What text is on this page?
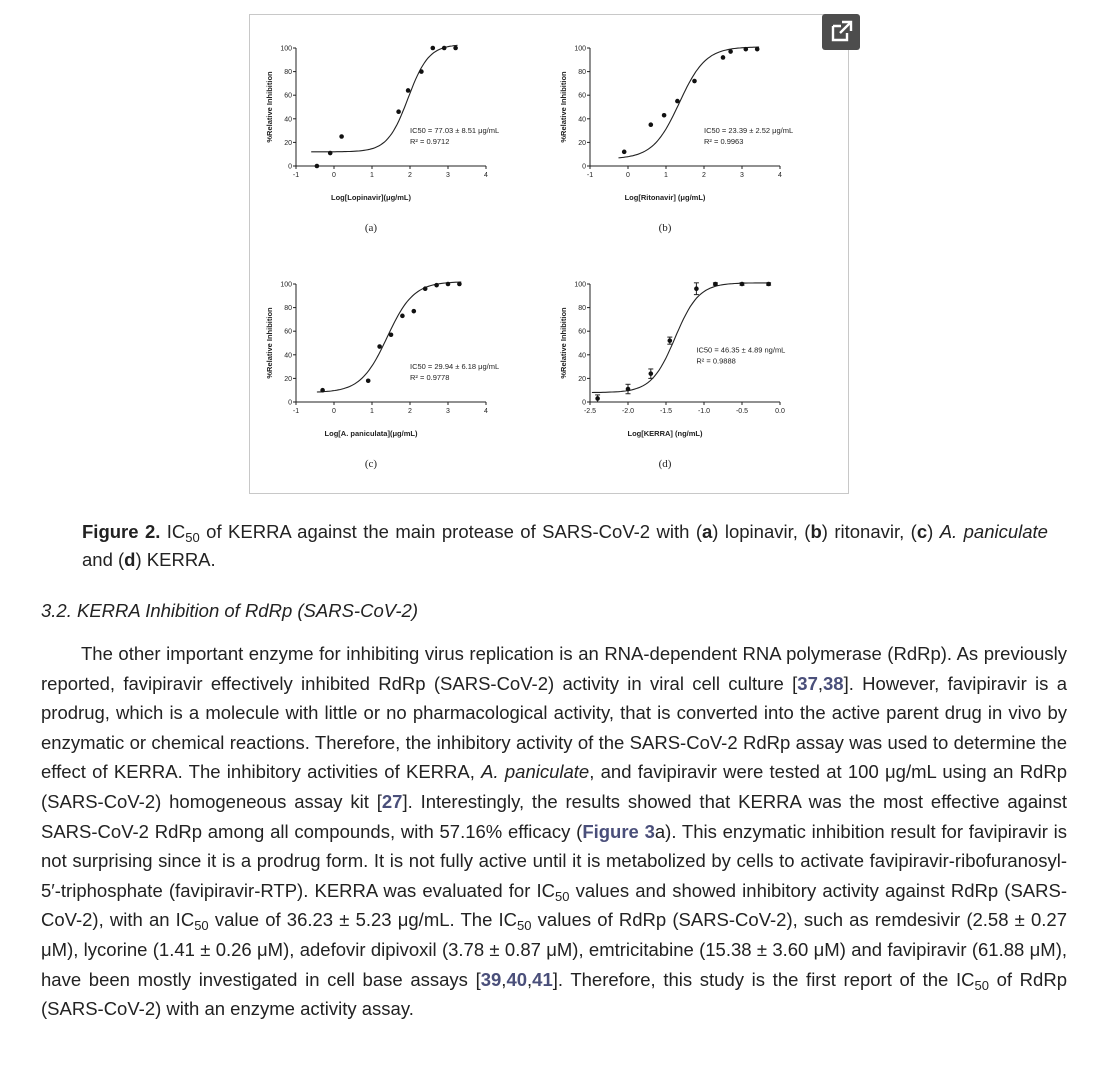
0
20
40
60
80
100
-1	0	1	2	3	4
%Relative Inhibition
Log[Lopinavir](μg/mL)
(a)
IC50 = 77.03 ± 8.51 μg/mL
R² = 0.9712
0
20
40
60
80
100
-1	0	1	2	3	4
%Relative Inhibition
Log[Ritonavir] (μg/mL)
(b)
IC50 = 23.39 ± 2.52 μg/mL
R² = 0.9963
0
20
40
60
80
100
-1	0	1	2	3	4
%Relative Inhibition
Log[A. paniculata](μg/mL)
(c)
IC50 = 29.94 ± 6.18 μg/mL
R² = 0.9778
0
20
40
60
80
100
-2.5	-2.0	-1.5	-1.0	-0.5	0.0
%Relative Inhibition
Log[KERRA] (ng/mL)
(d)
IC50 = 46.35 ± 4.89 ng/mL
R² = 0.9888
Figure 2. $IC_{50}$ of KERRA against the main protease of SARS-CoV-2 with (a) lopinavir, (b) ritonavir, (c) A. paniculate and (d) KERRA.
3.2. KERRA Inhibition of RdRp (SARS-CoV-2)

The other important enzyme for inhibiting virus replication is an RNA-dependent RNA polymerase (RdRp). As previously reported, favipiravir effectively inhibited RdRp (SARS-CoV-2) activity in viral cell culture [37,38]. However, favipiravir is a prodrug, which is a molecule with little or no pharmacological activity, that is converted into the active parent drug in vivo by enzymatic or chemical reactions. Therefore, the inhibitory activity of the SARS-CoV-2 RdRp assay was used to determine the effect of KERRA. The inhibitory activities of KERRA, A. paniculate, and favipiravir were tested at 100 μg/mL using an RdRp (SARS-CoV-2) homogeneous assay kit [27]. Interestingly, the results showed that KERRA was the most effective against SARS-CoV-2 RdRp among all compounds, with 57.16% efficacy (Figure 3a). This enzymatic inhibition result for favipiravir is not surprising since it is a prodrug form. It is not fully active until it is metabolized by cells to activate favipiravir-ribofuranosyl-5′-triphosphate (favipiravir-RTP). KERRA was evaluated for $IC_{50}$ values and showed inhibitory activity against RdRp (SARS-CoV-2), with an $IC_{50}$ value of 36.23 ± 5.23 μg/mL. The $IC_{50}$ values of RdRp (SARS-CoV-2), such as remdesivir (2.58 ± 0.27 μM), lycorine (1.41 ± 0.26 μM), adefovir dipivoxil (3.78 ± 0.87 μM), emtricitabine (15.38 ± 3.60 μM) and favipiravir (61.88 μM), have been mostly investigated in cell base assays [39,40,41]. Therefore, this study is the first report of the $IC_{50}$ of RdRp (SARS-CoV-2) with an enzyme activity assay.
